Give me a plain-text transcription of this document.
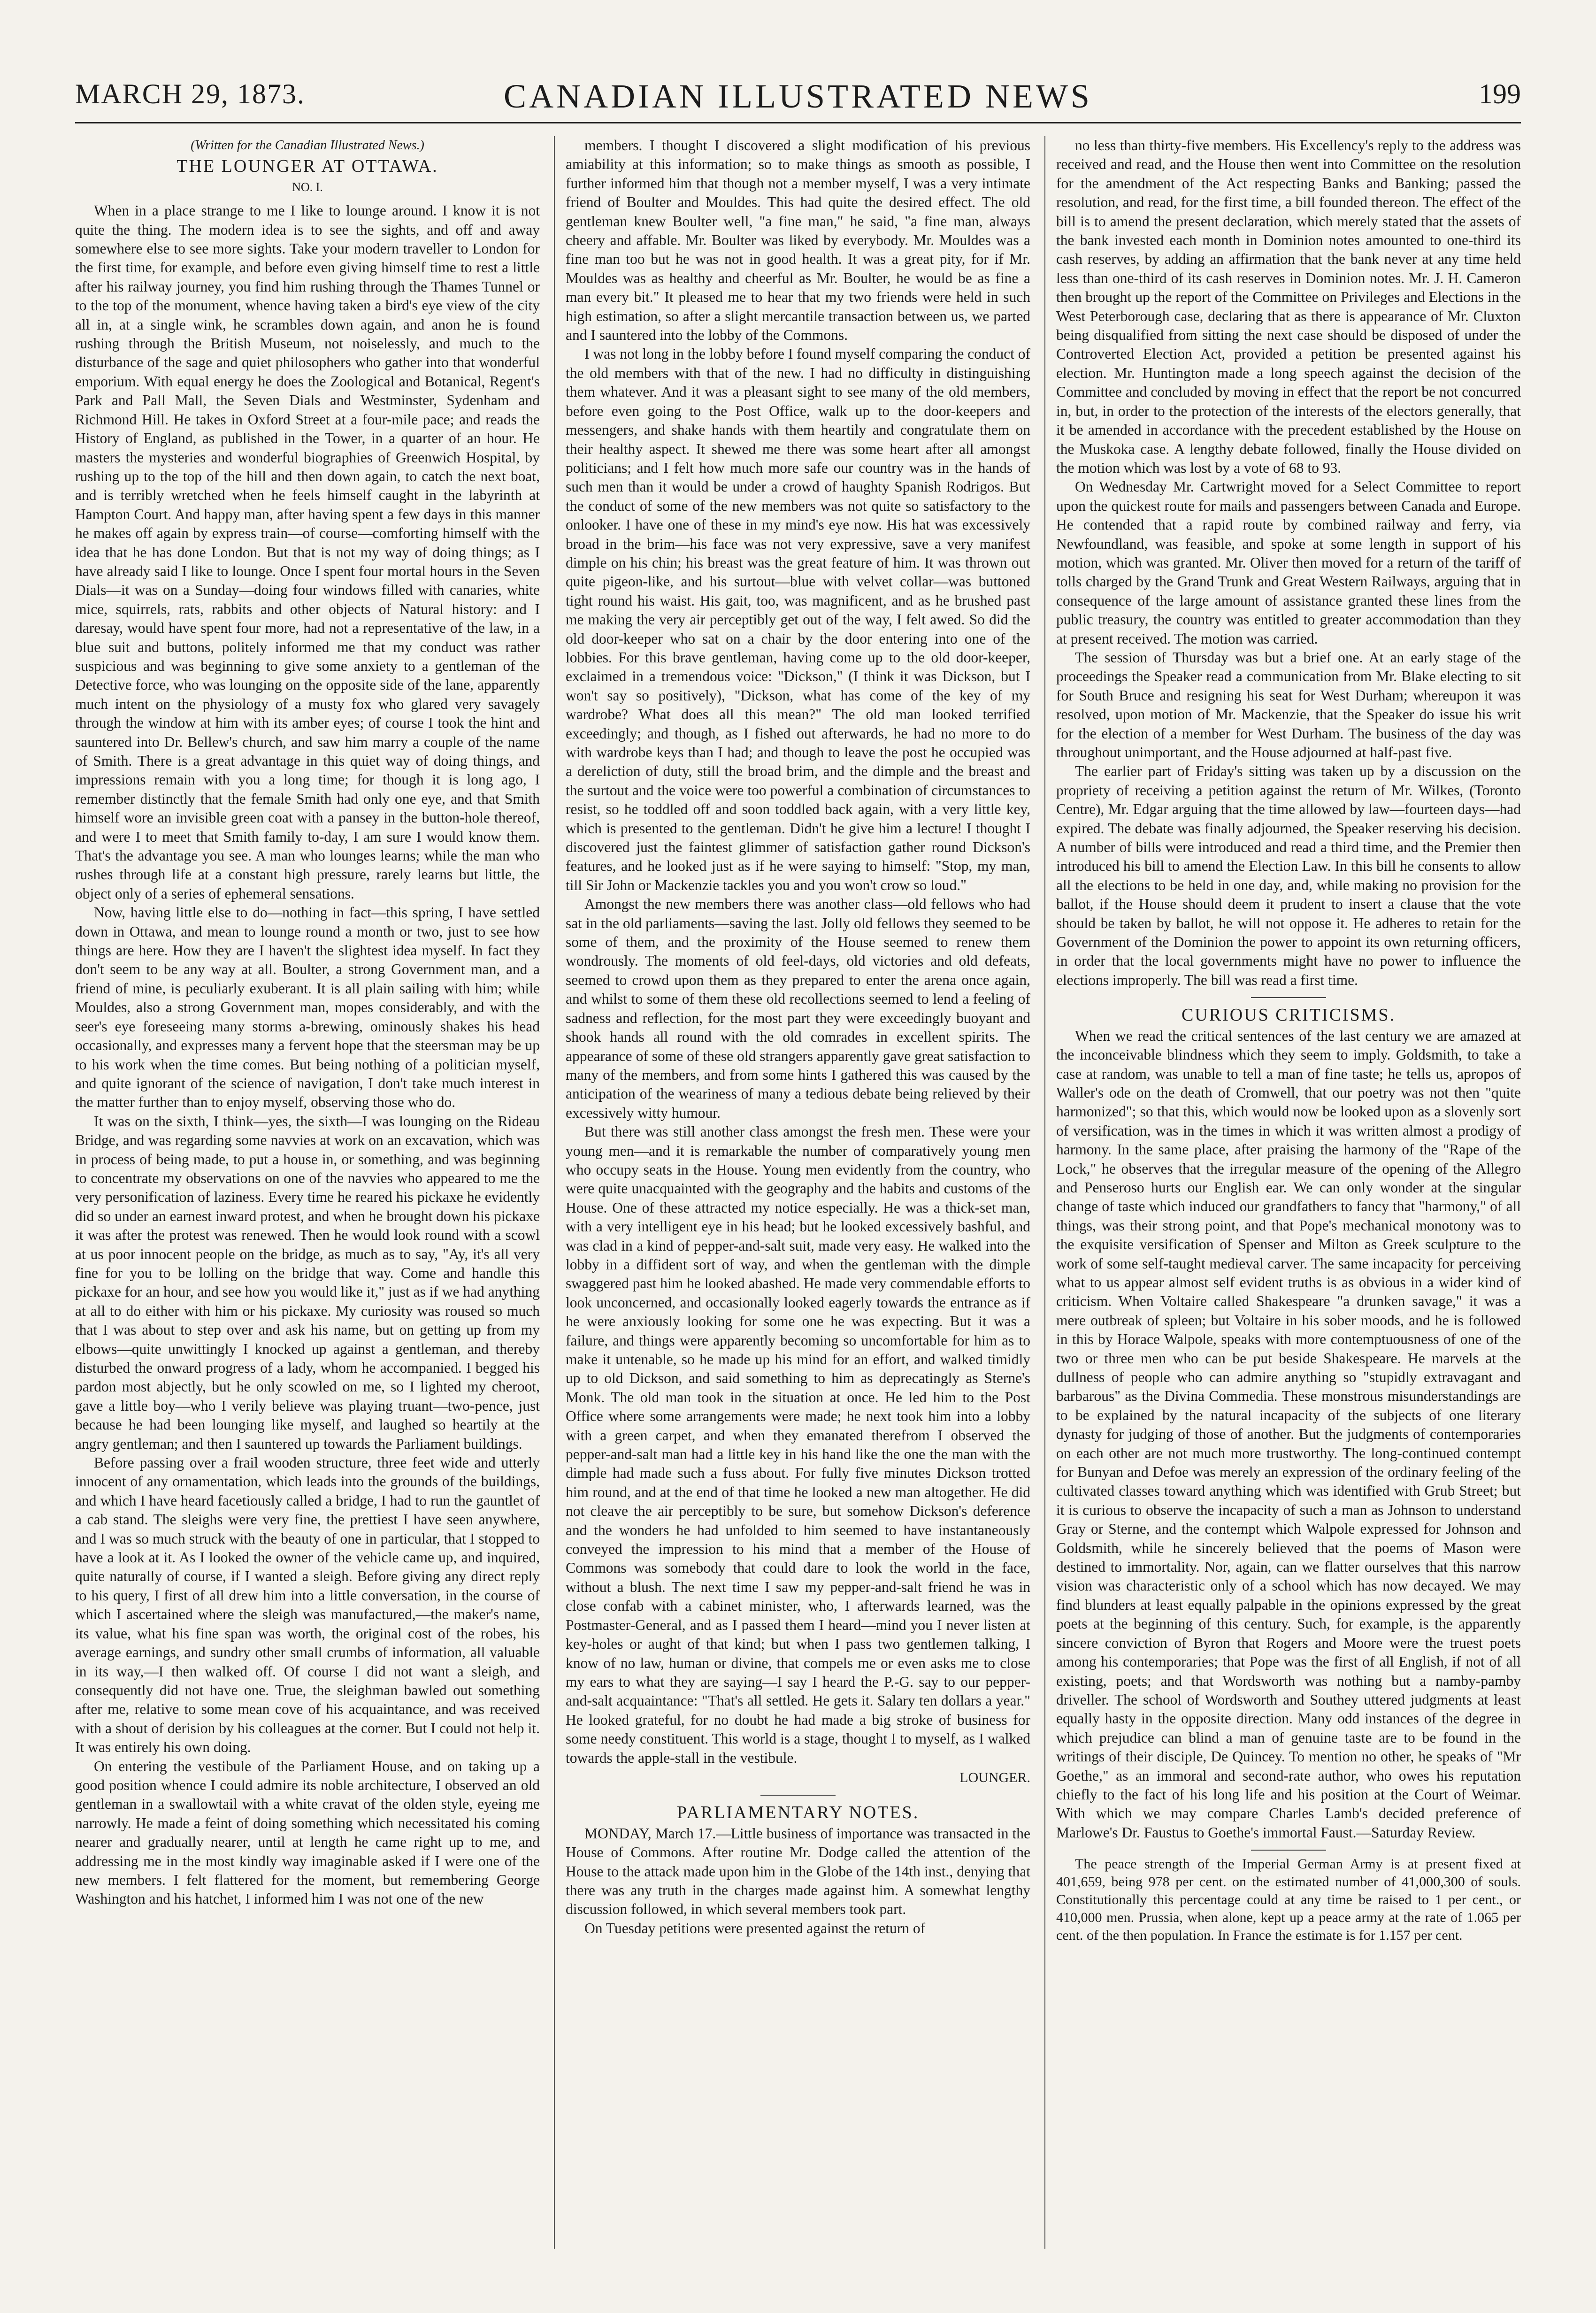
MARCH 29, 1873.	CANADIAN ILLUSTRATED NEWS	199
(Written for the Canadian Illustrated News.)
THE LOUNGER AT OTTAWA.
NO. I.

When in a place strange to me I like to lounge around. I know it is not quite the thing. The modern idea is to see the sights, and off and away somewhere else to see more sights. Take your modern traveller to London for the first time, for example, and before even giving himself time to rest a little after his railway journey, you find him rushing through the Thames Tunnel or to the top of the monument, whence having taken a bird's eye view of the city all in, at a single wink, he scrambles down again, and anon he is found rushing through the British Museum, not noiselessly, and much to the disturbance of the sage and quiet philosophers who gather into that wonderful emporium. With equal energy he does the Zoological and Botanical, Regent's Park and Pall Mall, the Seven Dials and Westminster, Sydenham and Richmond Hill. He takes in Oxford Street at a four-mile pace; and reads the History of England, as published in the Tower, in a quarter of an hour. He masters the mysteries and wonderful biographies of Greenwich Hospital, by rushing up to the top of the hill and then down again, to catch the next boat, and is terribly wretched when he feels himself caught in the labyrinth at Hampton Court. And happy man, after having spent a few days in this manner he makes off again by express train—of course—comforting himself with the idea that he has done London. But that is not my way of doing things; as I have already said I like to lounge. Once I spent four mortal hours in the Seven Dials—it was on a Sunday—doing four windows filled with canaries, white mice, squirrels, rats, rabbits and other objects of Natural history: and I daresay, would have spent four more, had not a representative of the law, in a blue suit and buttons, politely informed me that my conduct was rather suspicious and was beginning to give some anxiety to a gentleman of the Detective force, who was lounging on the opposite side of the lane, apparently much intent on the physiology of a musty fox who glared very savagely through the window at him with its amber eyes; of course I took the hint and sauntered into Dr. Bellew's church, and saw him marry a couple of the name of Smith. There is a great advantage in this quiet way of doing things, and impressions remain with you a long time; for though it is long ago, I remember distinctly that the female Smith had only one eye, and that Smith himself wore an invisible green coat with a pansey in the button-hole thereof, and were I to meet that Smith family to-day, I am sure I would know them. That's the advantage you see. A man who lounges learns; while the man who rushes through life at a constant high pressure, rarely learns but little, the object only of a series of ephemeral sensations.

Now, having little else to do—nothing in fact—this spring, I have settled down in Ottawa, and mean to lounge round a month or two, just to see how things are here. How they are I haven't the slightest idea myself. In fact they don't seem to be any way at all. Boulter, a strong Government man, and a friend of mine, is peculiarly exuberant. It is all plain sailing with him; while Mouldes, also a strong Government man, mopes considerably, and with the seer's eye foreseeing many storms a-brewing, ominously shakes his head occasionally, and expresses many a fervent hope that the steersman may be up to his work when the time comes. But being nothing of a politician myself, and quite ignorant of the science of navigation, I don't take much interest in the matter further than to enjoy myself, observing those who do.

It was on the sixth, I think—yes, the sixth—I was lounging on the Rideau Bridge, and was regarding some navvies at work on an excavation, which was in process of being made, to put a house in, or something, and was beginning to concentrate my observations on one of the navvies who appeared to me the very personification of laziness. Every time he reared his pickaxe he evidently did so under an earnest inward protest, and when he brought down his pickaxe it was after the protest was renewed. Then he would look round with a scowl at us poor innocent people on the bridge, as much as to say, "Ay, it's all very fine for you to be lolling on the bridge that way. Come and handle this pickaxe for an hour, and see how you would like it," just as if we had anything at all to do either with him or his pickaxe. My curiosity was roused so much that I was about to step over and ask his name, but on getting up from my elbows—quite unwittingly I knocked up against a gentleman, and thereby disturbed the onward progress of a lady, whom he accompanied. I begged his pardon most abjectly, but he only scowled on me, so I lighted my cheroot, gave a little boy—who I verily believe was playing truant—two-pence, just because he had been lounging like myself, and laughed so heartily at the angry gentleman; and then I sauntered up towards the Parliament buildings.

Before passing over a frail wooden structure, three feet wide and utterly innocent of any ornamentation, which leads into the grounds of the buildings, and which I have heard facetiously called a bridge, I had to run the gauntlet of a cab stand. The sleighs were very fine, the prettiest I have seen anywhere, and I was so much struck with the beauty of one in particular, that I stopped to have a look at it. As I looked the owner of the vehicle came up, and inquired, quite naturally of course, if I wanted a sleigh. Before giving any direct reply to his query, I first of all drew him into a little conversation, in the course of which I ascertained where the sleigh was manufactured,—the maker's name, its value, what his fine span was worth, the original cost of the robes, his average earnings, and sundry other small crumbs of information, all valuable in its way,—I then walked off. Of course I did not want a sleigh, and consequently did not have one. True, the sleighman bawled out something after me, relative to some mean cove of his acquaintance, and was received with a shout of derision by his colleagues at the corner. But I could not help it. It was entirely his own doing.

On entering the vestibule of the Parliament House, and on taking up a good position whence I could admire its noble architecture, I observed an old gentleman in a swallowtail with a white cravat of the olden style, eyeing me narrowly. He made a feint of doing something which necessitated his coming nearer and gradually nearer, until at length he came right up to me, and addressing me in the most kindly way imaginable asked if I were one of the new members. I felt flattered for the moment, but remembering George Washington and his hatchet, I informed him I was not one of the new

members. I thought I discovered a slight modification of his previous amiability at this information; so to make things as smooth as possible, I further informed him that though not a member myself, I was a very intimate friend of Boulter and Mouldes. This had quite the desired effect. The old gentleman knew Boulter well, "a fine man," he said, "a fine man, always cheery and affable. Mr. Boulter was liked by everybody. Mr. Mouldes was a fine man too but he was not in good health. It was a great pity, for if Mr. Mouldes was as healthy and cheerful as Mr. Boulter, he would be as fine a man every bit." It pleased me to hear that my two friends were held in such high estimation, so after a slight mercantile transaction between us, we parted and I sauntered into the lobby of the Commons.

I was not long in the lobby before I found myself comparing the conduct of the old members with that of the new. I had no difficulty in distinguishing them whatever. And it was a pleasant sight to see many of the old members, before even going to the Post Office, walk up to the door-keepers and messengers, and shake hands with them heartily and congratulate them on their healthy aspect. It shewed me there was some heart after all amongst politicians; and I felt how much more safe our country was in the hands of such men than it would be under a crowd of haughty Spanish Rodrigos. But the conduct of some of the new members was not quite so satisfactory to the onlooker. I have one of these in my mind's eye now. His hat was excessively broad in the brim—his face was not very expressive, save a very manifest dimple on his chin; his breast was the great feature of him. It was thrown out quite pigeon-like, and his surtout—blue with velvet collar—was buttoned tight round his waist. His gait, too, was magnificent, and as he brushed past me making the very air perceptibly get out of the way, I felt awed. So did the old door-keeper who sat on a chair by the door entering into one of the lobbies. For this brave gentleman, having come up to the old door-keeper, exclaimed in a tremendous voice: "Dickson," (I think it was Dickson, but I won't say so positively), "Dickson, what has come of the key of my wardrobe? What does all this mean?" The old man looked terrified exceedingly; and though, as I fished out afterwards, he had no more to do with wardrobe keys than I had; and though to leave the post he occupied was a dereliction of duty, still the broad brim, and the dimple and the breast and the surtout and the voice were too powerful a combination of circumstances to resist, so he toddled off and soon toddled back again, with a very little key, which is presented to the gentleman. Didn't he give him a lecture! I thought I discovered just the faintest glimmer of satisfaction gather round Dickson's features, and he looked just as if he were saying to himself: "Stop, my man, till Sir John or Mackenzie tackles you and you won't crow so loud."

Amongst the new members there was another class—old fellows who had sat in the old parliaments—saving the last. Jolly old fellows they seemed to be some of them, and the proximity of the House seemed to renew them wondrously. The moments of old feel-days, old victories and old defeats, seemed to crowd upon them as they prepared to enter the arena once again, and whilst to some of them these old recollections seemed to lend a feeling of sadness and reflection, for the most part they were exceedingly buoyant and shook hands all round with the old comrades in excellent spirits. The appearance of some of these old strangers apparently gave great satisfaction to many of the members, and from some hints I gathered this was caused by the anticipation of the weariness of many a tedious debate being relieved by their excessively witty humour.

But there was still another class amongst the fresh men. These were your young men—and it is remarkable the number of comparatively young men who occupy seats in the House. Young men evidently from the country, who were quite unacquainted with the geography and the habits and customs of the House. One of these attracted my notice especially. He was a thick-set man, with a very intelligent eye in his head; but he looked excessively bashful, and was clad in a kind of pepper-and-salt suit, made very easy. He walked into the lobby in a diffident sort of way, and when the gentleman with the dimple swaggered past him he looked abashed. He made very commendable efforts to look unconcerned, and occasionally looked eagerly towards the entrance as if he were anxiously looking for some one he was expecting. But it was a failure, and things were apparently becoming so uncomfortable for him as to make it untenable, so he made up his mind for an effort, and walked timidly up to old Dickson, and said something to him as deprecatingly as Sterne's Monk. The old man took in the situation at once. He led him to the Post Office where some arrangements were made; he next took him into a lobby with a green carpet, and when they emanated therefrom I observed the pepper-and-salt man had a little key in his hand like the one the man with the dimple had made such a fuss about. For fully five minutes Dickson trotted him round, and at the end of that time he looked a new man altogether. He did not cleave the air perceptibly to be sure, but somehow Dickson's deference and the wonders he had unfolded to him seemed to have instantaneously conveyed the impression to his mind that a member of the House of Commons was somebody that could dare to look the world in the face, without a blush. The next time I saw my pepper-and-salt friend he was in close confab with a cabinet minister, who, I afterwards learned, was the Postmaster-General, and as I passed them I heard—mind you I never listen at key-holes or aught of that kind; but when I pass two gentlemen talking, I know of no law, human or divine, that compels me or even asks me to close my ears to what they are saying—I say I heard the P.-G. say to our pepper-and-salt acquaintance: "That's all settled. He gets it. Salary ten dollars a year." He looked grateful, for no doubt he had made a big stroke of business for some needy constituent. This world is a stage, thought I to myself, as I walked towards the apple-stall in the vestibule.

LOUNGER.
PARLIAMENTARY NOTES.

MONDAY, March 17.—Little business of importance was transacted in the House of Commons. After routine Mr. Dodge called the attention of the House to the attack made upon him in the Globe of the 14th inst., denying that there was any truth in the charges made against him. A somewhat lengthy discussion followed, in which several members took part.

On Tuesday petitions were presented against the return of

no less than thirty-five members. His Excellency's reply to the address was received and read, and the House then went into Committee on the resolution for the amendment of the Act respecting Banks and Banking; passed the resolution, and read, for the first time, a bill founded thereon. The effect of the bill is to amend the present declaration, which merely stated that the assets of the bank invested each month in Dominion notes amounted to one-third its cash reserves, by adding an affirmation that the bank never at any time held less than one-third of its cash reserves in Dominion notes. Mr. J. H. Cameron then brought up the report of the Committee on Privileges and Elections in the West Peterborough case, declaring that as there is appearance of Mr. Cluxton being disqualified from sitting the next case should be disposed of under the Controverted Election Act, provided a petition be presented against his election. Mr. Huntington made a long speech against the decision of the Committee and concluded by moving in effect that the report be not concurred in, but, in order to the protection of the interests of the electors generally, that it be amended in accordance with the precedent established by the House on the Muskoka case. A lengthy debate followed, finally the House divided on the motion which was lost by a vote of 68 to 93.

On Wednesday Mr. Cartwright moved for a Select Committee to report upon the quickest route for mails and passengers between Canada and Europe. He contended that a rapid route by combined railway and ferry, via Newfoundland, was feasible, and spoke at some length in support of his motion, which was granted. Mr. Oliver then moved for a return of the tariff of tolls charged by the Grand Trunk and Great Western Railways, arguing that in consequence of the large amount of assistance granted these lines from the public treasury, the country was entitled to greater accommodation than they at present received. The motion was carried.

The session of Thursday was but a brief one. At an early stage of the proceedings the Speaker read a communication from Mr. Blake electing to sit for South Bruce and resigning his seat for West Durham; whereupon it was resolved, upon motion of Mr. Mackenzie, that the Speaker do issue his writ for the election of a member for West Durham. The business of the day was throughout unimportant, and the House adjourned at half-past five.

The earlier part of Friday's sitting was taken up by a discussion on the propriety of receiving a petition against the return of Mr. Wilkes, (Toronto Centre), Mr. Edgar arguing that the time allowed by law—fourteen days—had expired. The debate was finally adjourned, the Speaker reserving his decision. A number of bills were introduced and read a third time, and the Premier then introduced his bill to amend the Election Law. In this bill he consents to allow all the elections to be held in one day, and, while making no provision for the ballot, if the House should deem it prudent to insert a clause that the vote should be taken by ballot, he will not oppose it. He adheres to retain for the Government of the Dominion the power to appoint its own returning officers, in order that the local governments might have no power to influence the elections improperly. The bill was read a first time.

CURIOUS CRITICISMS.

When we read the critical sentences of the last century we are amazed at the inconceivable blindness which they seem to imply. Goldsmith, to take a case at random, was unable to tell a man of fine taste; he tells us, apropos of Waller's ode on the death of Cromwell, that our poetry was not then "quite harmonized"; so that this, which would now be looked upon as a slovenly sort of versification, was in the times in which it was written almost a prodigy of harmony. In the same place, after praising the harmony of the "Rape of the Lock," he observes that the irregular measure of the opening of the Allegro and Penseroso hurts our English ear. We can only wonder at the singular change of taste which induced our grandfathers to fancy that "harmony," of all things, was their strong point, and that Pope's mechanical monotony was to the exquisite versification of Spenser and Milton as Greek sculpture to the work of some self-taught medieval carver. The same incapacity for perceiving what to us appear almost self evident truths is as obvious in a wider kind of criticism. When Voltaire called Shakespeare "a drunken savage," it was a mere outbreak of spleen; but Voltaire in his sober moods, and he is followed in this by Horace Walpole, speaks with more contemptuousness of one of the two or three men who can be put beside Shakespeare. He marvels at the dullness of people who can admire anything so "stupidly extravagant and barbarous" as the Divina Commedia. These monstrous misunderstandings are to be explained by the natural incapacity of the subjects of one literary dynasty for judging of those of another. But the judgments of contemporaries on each other are not much more trustworthy. The long-continued contempt for Bunyan and Defoe was merely an expression of the ordinary feeling of the cultivated classes toward anything which was identified with Grub Street; but it is curious to observe the incapacity of such a man as Johnson to understand Gray or Sterne, and the contempt which Walpole expressed for Johnson and Goldsmith, while he sincerely believed that the poems of Mason were destined to immortality. Nor, again, can we flatter ourselves that this narrow vision was characteristic only of a school which has now decayed. We may find blunders at least equally palpable in the opinions expressed by the great poets at the beginning of this century. Such, for example, is the apparently sincere conviction of Byron that Rogers and Moore were the truest poets among his contemporaries; that Pope was the first of all English, if not of all existing, poets; and that Wordsworth was nothing but a namby-pamby driveller. The school of Wordsworth and Southey uttered judgments at least equally hasty in the opposite direction. Many odd instances of the degree in which prejudice can blind a man of genuine taste are to be found in the writings of their disciple, De Quincey. To mention no other, he speaks of "Mr Goethe," as an immoral and second-rate author, who owes his reputation chiefly to the fact of his long life and his position at the Court of Weimar. With which we may compare Charles Lamb's decided preference of Marlowe's Dr. Faustus to Goethe's immortal Faust.—Saturday Review.

The peace strength of the Imperial German Army is at present fixed at 401,659, being 978 per cent. on the estimated number of 41,000,300 of souls. Constitutionally this percentage could at any time be raised to 1 per cent., or 410,000 men. Prussia, when alone, kept up a peace army at the rate of 1.065 per cent. of the then population. In France the estimate is for 1.157 per cent.
